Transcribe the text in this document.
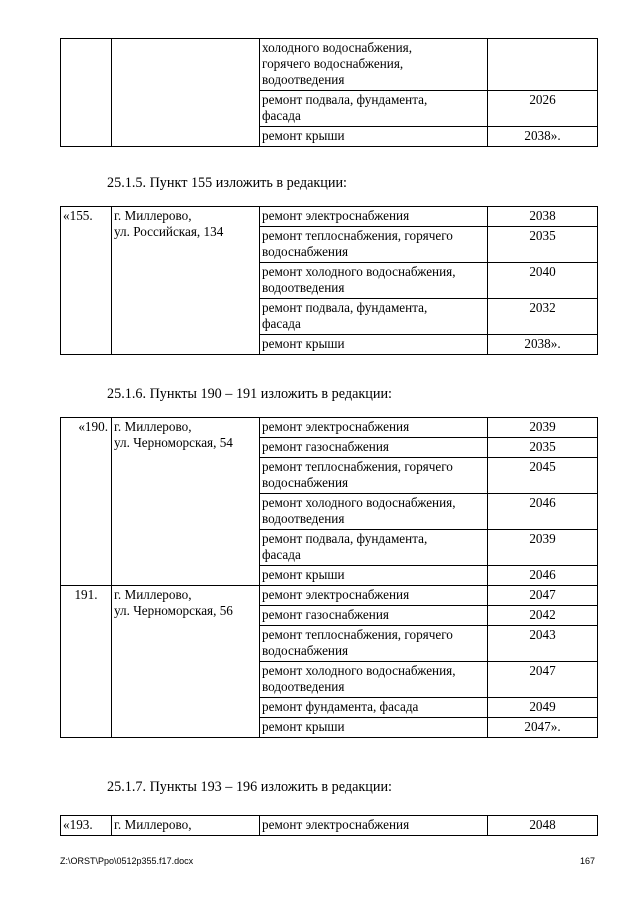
		холодного водоснабжения,
горячего водоснабжения,
водоотведения	
		ремонт подвала, фундамента,
фасада	2026
		ремонт крыши	2038».
25.1.5. Пункт 155 изложить в редакции:
«155.	г. Миллерово,
ул. Российская, 134	ремонт электроснабжения	2038
		ремонт теплоснабжения, горячего
водоснабжения	2035
		ремонт холодного водоснабжения,
водоотведения	2040
		ремонт подвала, фундамента,
фасада	2032
		ремонт крыши	2038».
25.1.6. Пункты 190 – 191 изложить в редакции:
«190.	г. Миллерово,
ул. Черноморская, 54	ремонт электроснабжения	2039
		ремонт газоснабжения	2035
		ремонт теплоснабжения, горячего
водоснабжения	2045
		ремонт холодного водоснабжения,
водоотведения	2046
		ремонт подвала, фундамента,
фасада	2039
		ремонт крыши	2046
191.	г. Миллерово,
ул. Черноморская, 56	ремонт электроснабжения	2047
		ремонт газоснабжения	2042
		ремонт теплоснабжения, горячего
водоснабжения	2043
		ремонт холодного водоснабжения,
водоотведения	2047
		ремонт фундамента, фасада	2049
		ремонт крыши	2047».
25.1.7. Пункты 193 – 196 изложить в редакции:
«193.	г. Миллерово,	ремонт электроснабжения	2048
Z:\ORST\Ppo\0512p355.f17.docx	167
